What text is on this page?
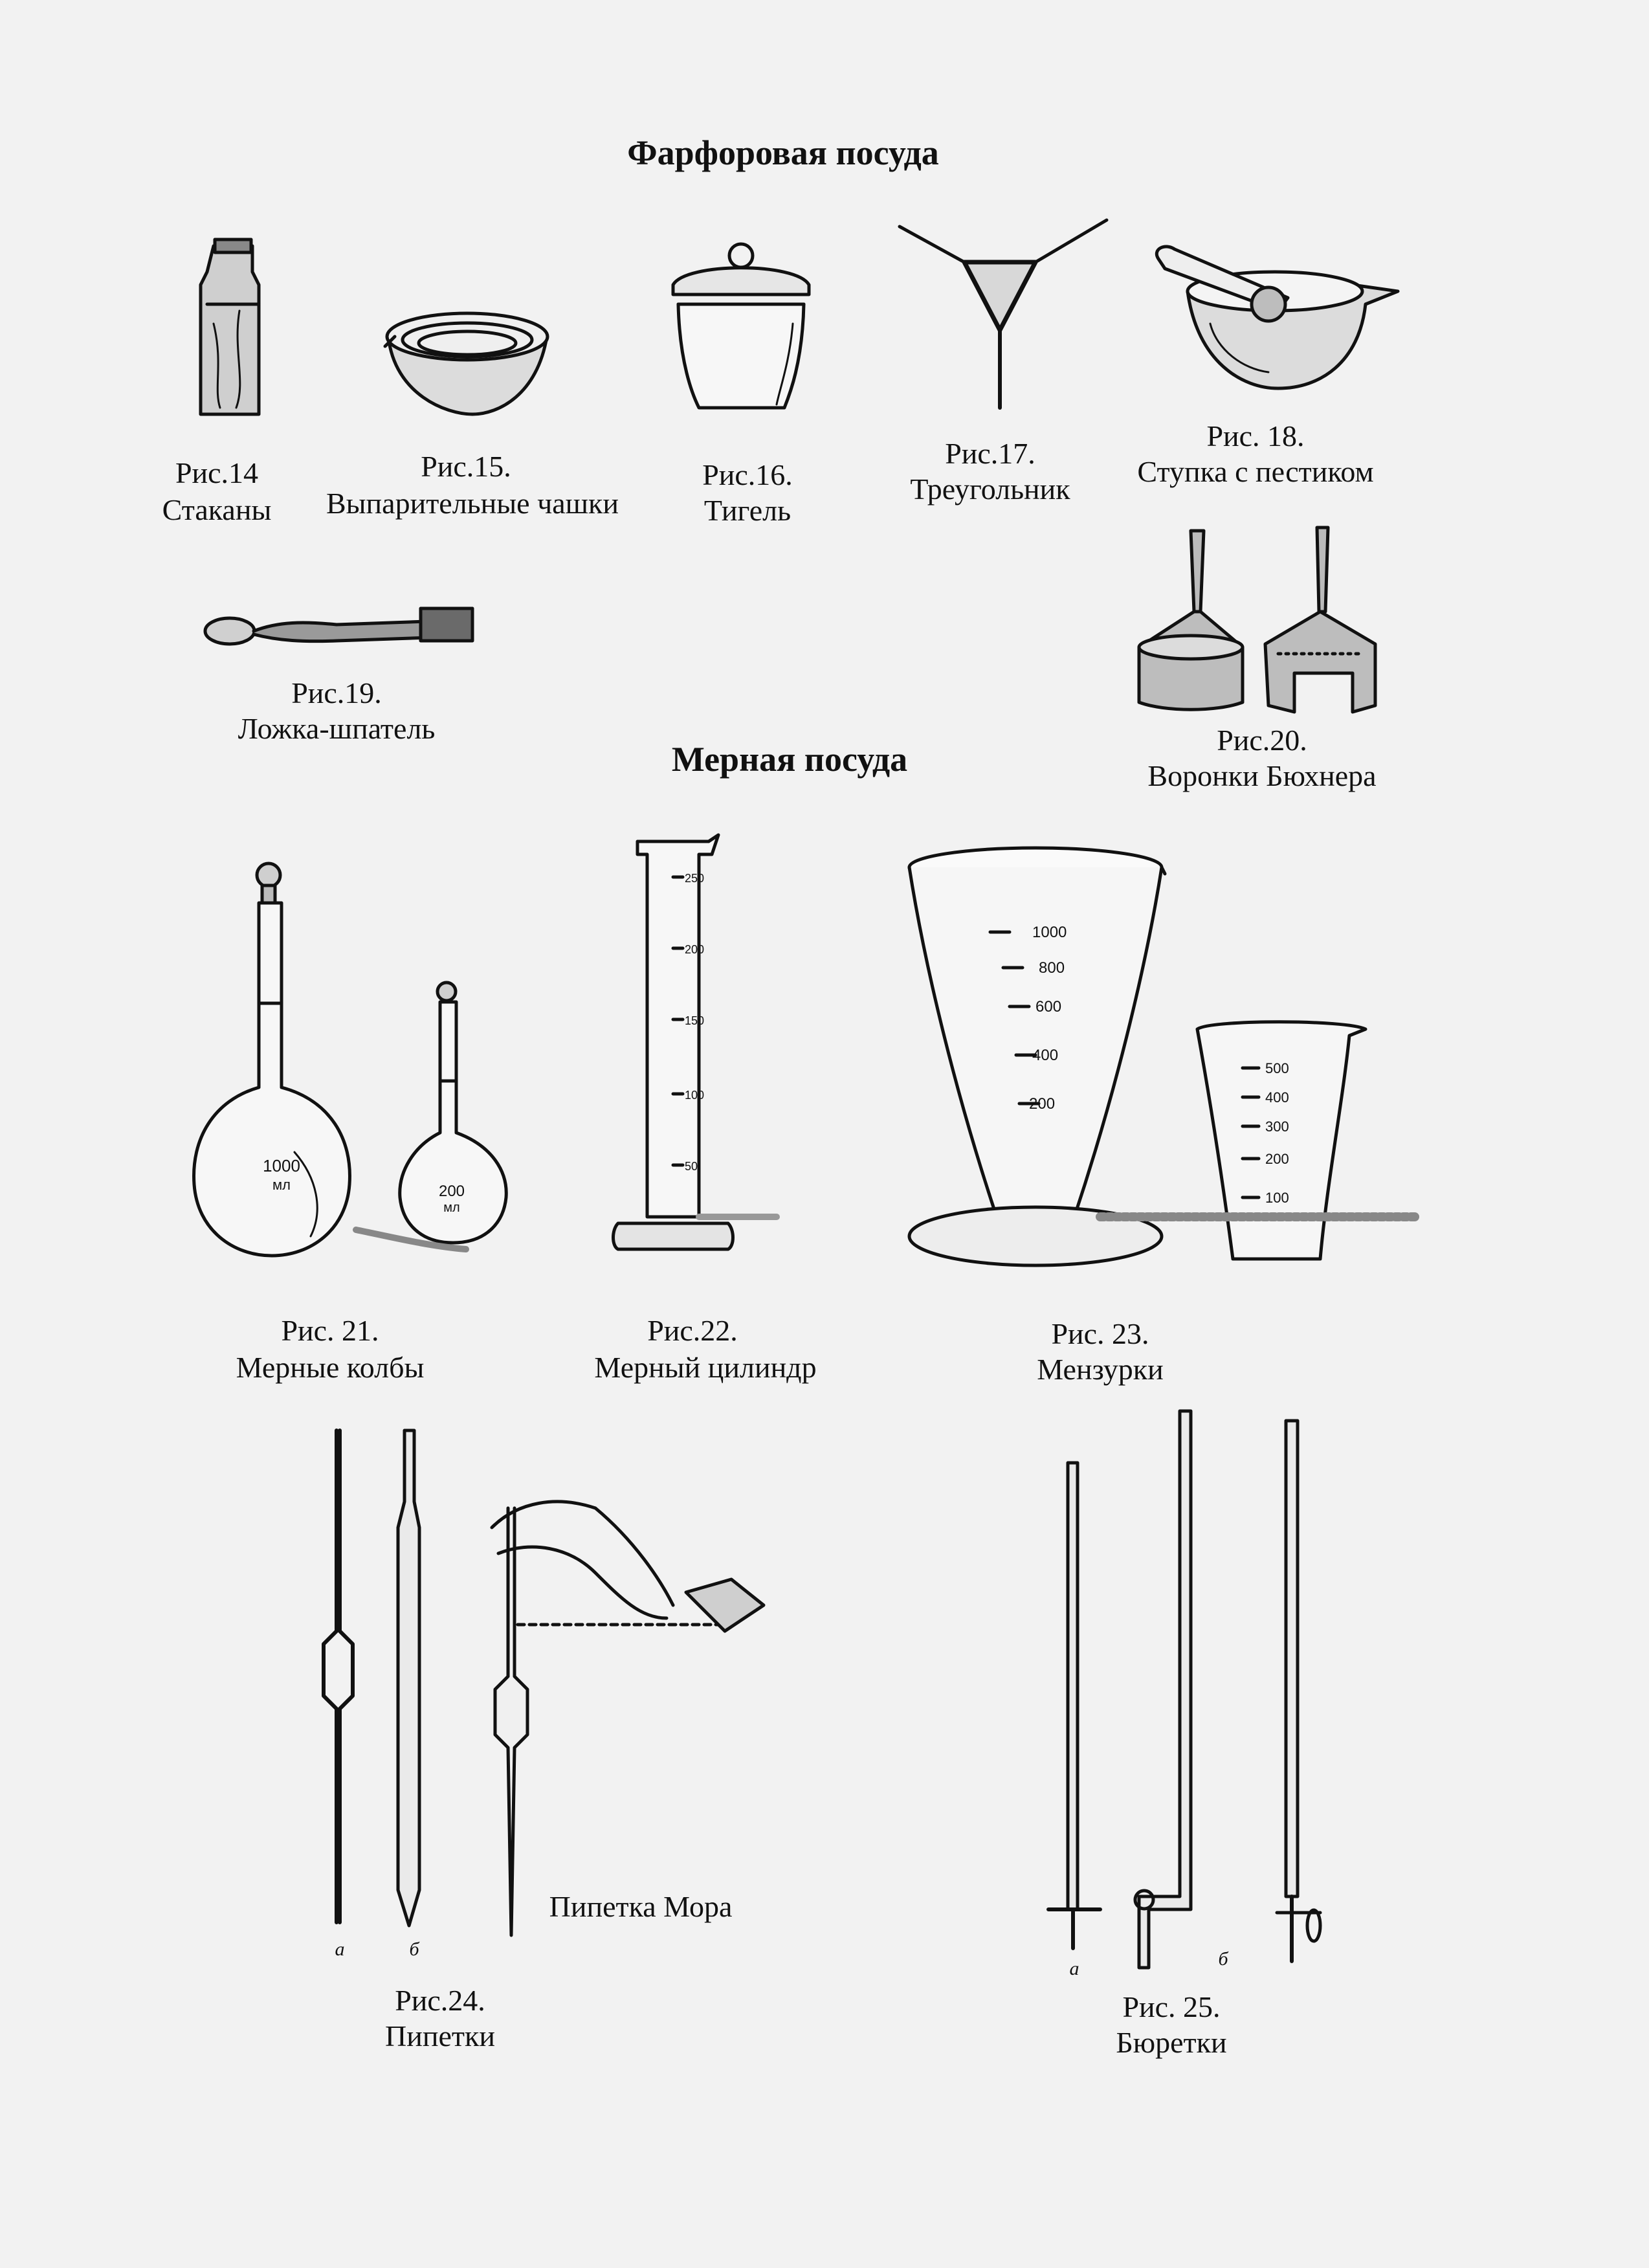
1000
мл	200
мл
250
200
150
100
50
1000
800
600
400
200
500
400
300
200
100
Фарфоровая посуда
Мерная посуда
Рис.14
Стаканы
Рис.15.
Выпарительные чашки
Рис.16.
Тигель
Рис.17.
Треугольник
Рис. 18.
Ступка с пестиком
Рис.19.
Ложка-шпатель	Рис.20.
Воронки Бюхнера
Рис. 21.
Мерные колбы
Рис.22.
Мерный цилиндр
Рис. 23.
Мензурки
а	б
Пипетка Мора
Рис.24.
Пипетки
а	б
Рис. 25.
Бюретки
